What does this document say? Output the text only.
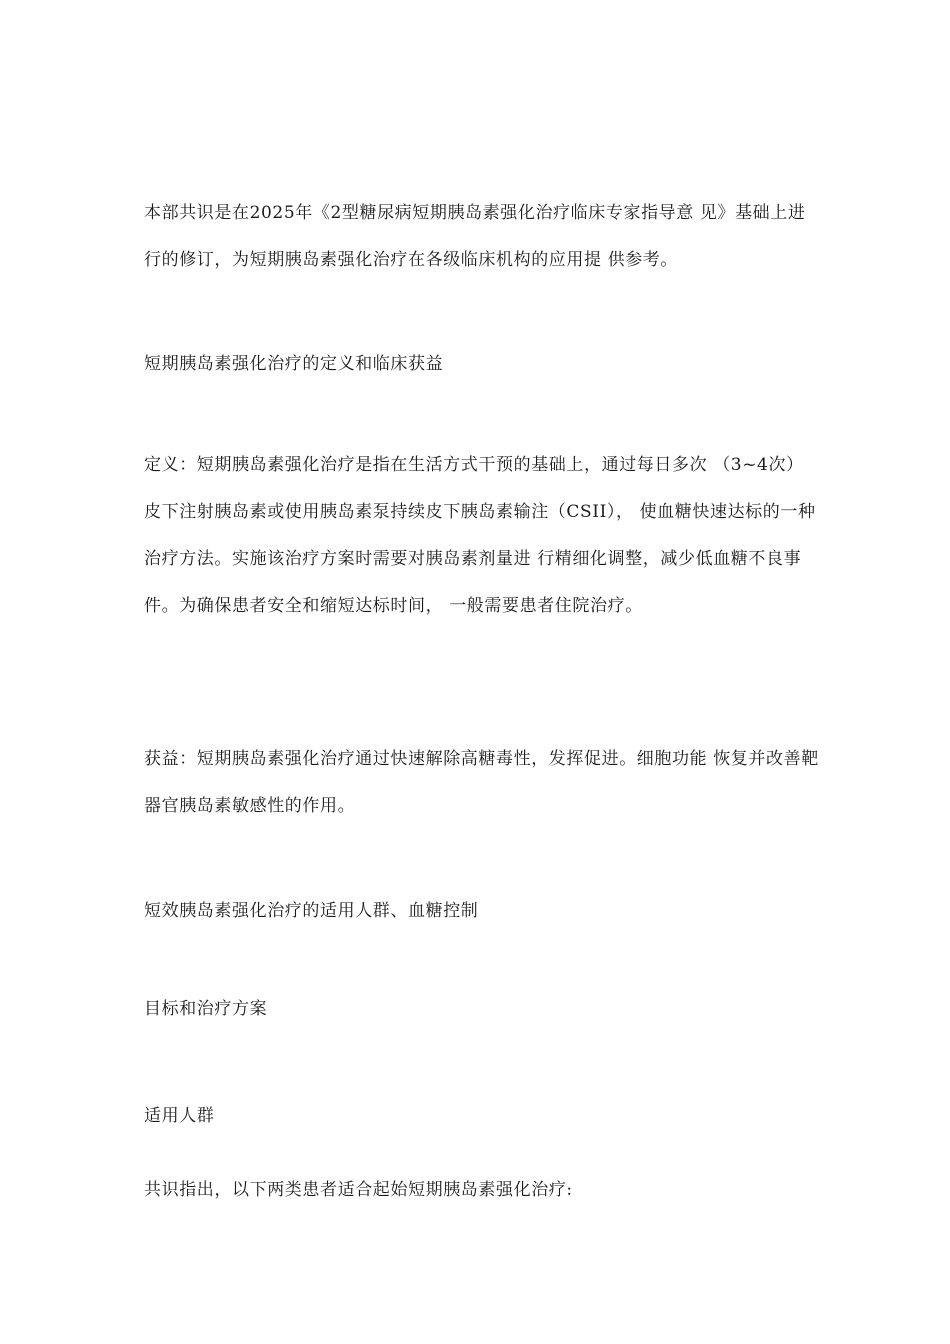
本部共识是在2025年《2型糖尿病短期胰岛素强化治疗临床专家指导意 见》基础上进行的修订，为短期胰岛素强化治疗在各级临床机构的应用提 供参考。

短期胰岛素强化治疗的定义和临床获益

定义：短期胰岛素强化治疗是指在生活方式干预的基础上，通过每日多次 （3~4次）皮下注射胰岛素或使用胰岛素泵持续皮下胰岛素输注（CSII）， 使血糖快速达标的一种治疗方法。实施该治疗方案时需要对胰岛素剂量进 行精细化调整，减少低血糖不良事件。为确保患者安全和缩短达标时间， 一般需要患者住院治疗。

获益：短期胰岛素强化治疗通过快速解除高糖毒性，发挥促进。细胞功能 恢复并改善靶器官胰岛素敏感性的作用。

短效胰岛素强化治疗的适用人群、血糖控制

目标和治疗方案

适用人群

共识指出，以下两类患者适合起始短期胰岛素强化治疗:
